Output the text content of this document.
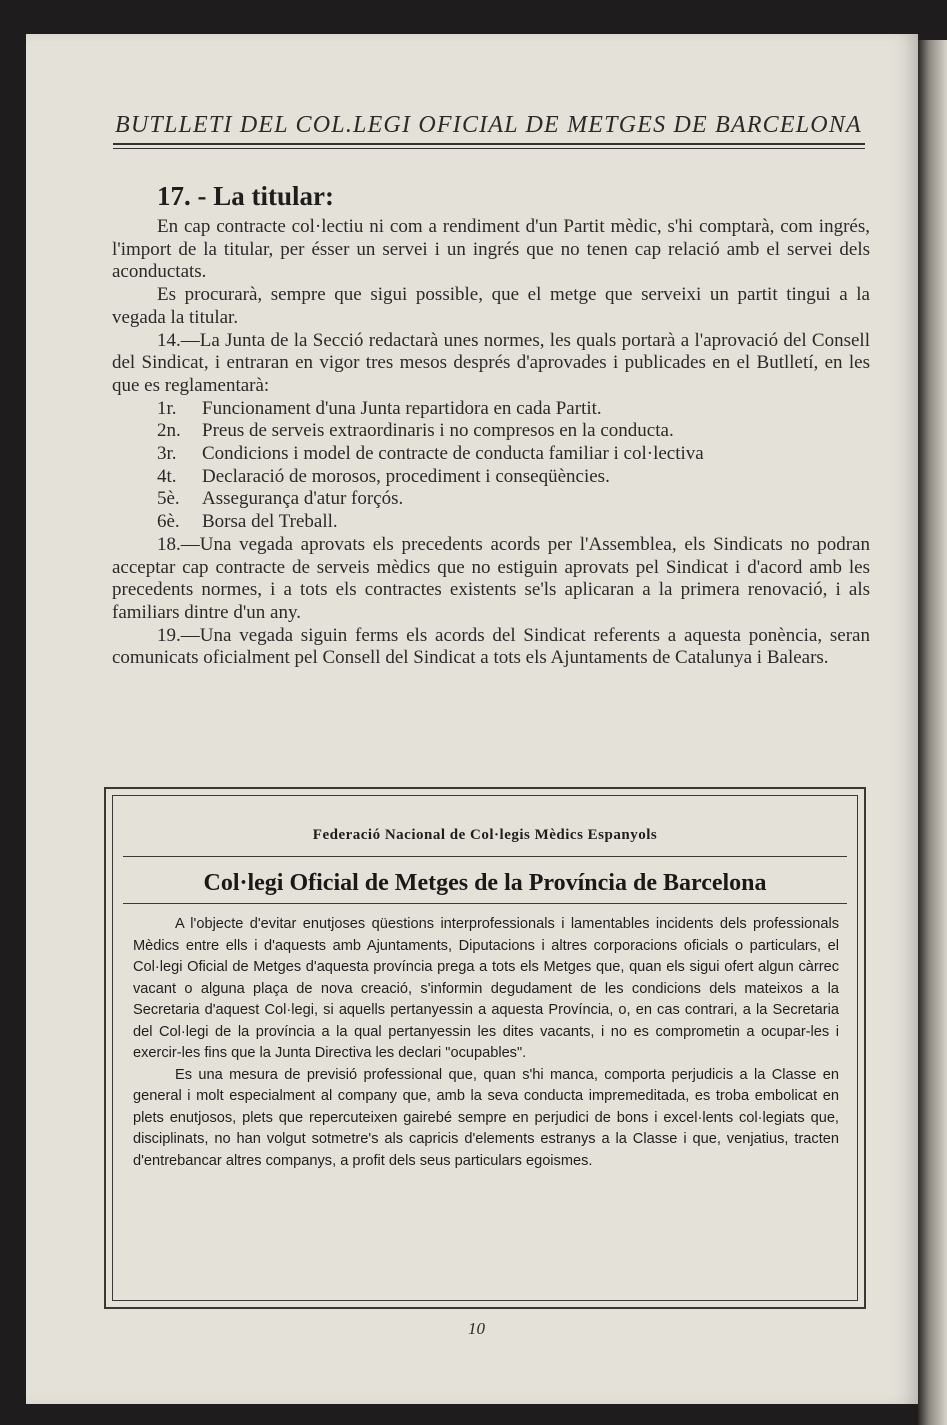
BUTLLETI DEL COL.LEGI OFICIAL DE METGES DE BARCELONA
17. - La titular:

En cap contracte col·lectiu ni com a rendiment d'un Partit mèdic, s'hi comptarà, com ingrés, l'import de la titular, per ésser un servei i un ingrés que no tenen cap relació amb el servei dels aconductats.

Es procurarà, sempre que sigui possible, que el metge que serveixi un partit tingui a la vegada la titular.

14.—La Junta de la Secció redactarà unes normes, les quals portarà a l'aprovació del Consell del Sindicat, i entraran en vigor tres mesos després d'aprovades i publicades en el Butlletí, en les que es reglamentarà:

1r. Funcionament d'una Junta repartidora en cada Partit.
2n. Preus de serveis extraordinaris i no compresos en la conducta.
3r. Condicions i model de contracte de conducta familiar i col·lectiva
4t. Declaració de morosos, procediment i conseqüències.
5è. Assegurança d'atur forçós.
6è. Borsa del Treball.

18.—Una vegada aprovats els precedents acords per l'Assemblea, els Sindicats no podran acceptar cap contracte de serveis mèdics que no estiguin aprovats pel Sindicat i d'acord amb les precedents normes, i a tots els contractes existents se'ls aplicaran a la primera renovació, i als familiars dintre d'un any.

19.—Una vegada siguin ferms els acords del Sindicat referents a aquesta ponència, seran comunicats oficialment pel Consell del Sindicat a tots els Ajuntaments de Catalunya i Balears.

Federació Nacional de Col·legis Mèdics Espanyols
Col·legi Oficial de Metges de la Província de Barcelona

A l'objecte d'evitar enutjoses qüestions interprofessionals i lamentables incidents dels professionals Mèdics entre ells i d'aquests amb Ajuntaments, Diputacions i altres corporacions oficials o particulars, el Col·legi Oficial de Metges d'aquesta província prega a tots els Metges que, quan els sigui ofert algun càrrec vacant o alguna plaça de nova creació, s'informin degudament de les condicions dels mateixos a la Secretaria d'aquest Col·legi, si aquells pertanyessin a aquesta Província, o, en cas contrari, a la Secretaria del Col·legi de la província a la qual pertanyessin les dites vacants, i no es comprometin a ocupar-les i exercir-les fins que la Junta Directiva les declari "ocupables".

Es una mesura de previsió professional que, quan s'hi manca, comporta perjudicis a la Classe en general i molt especialment al company que, amb la seva conducta impremeditada, es troba embolicat en plets enutjosos, plets que repercuteixen gairebé sempre en perjudici de bons i excel·lents col·legiats que, disciplinats, no han volgut sotmetre's als capricis d'elements estranys a la Classe i que, venjatius, tracten d'entrebancar altres companys, a profit dels seus particulars egoismes.

10
